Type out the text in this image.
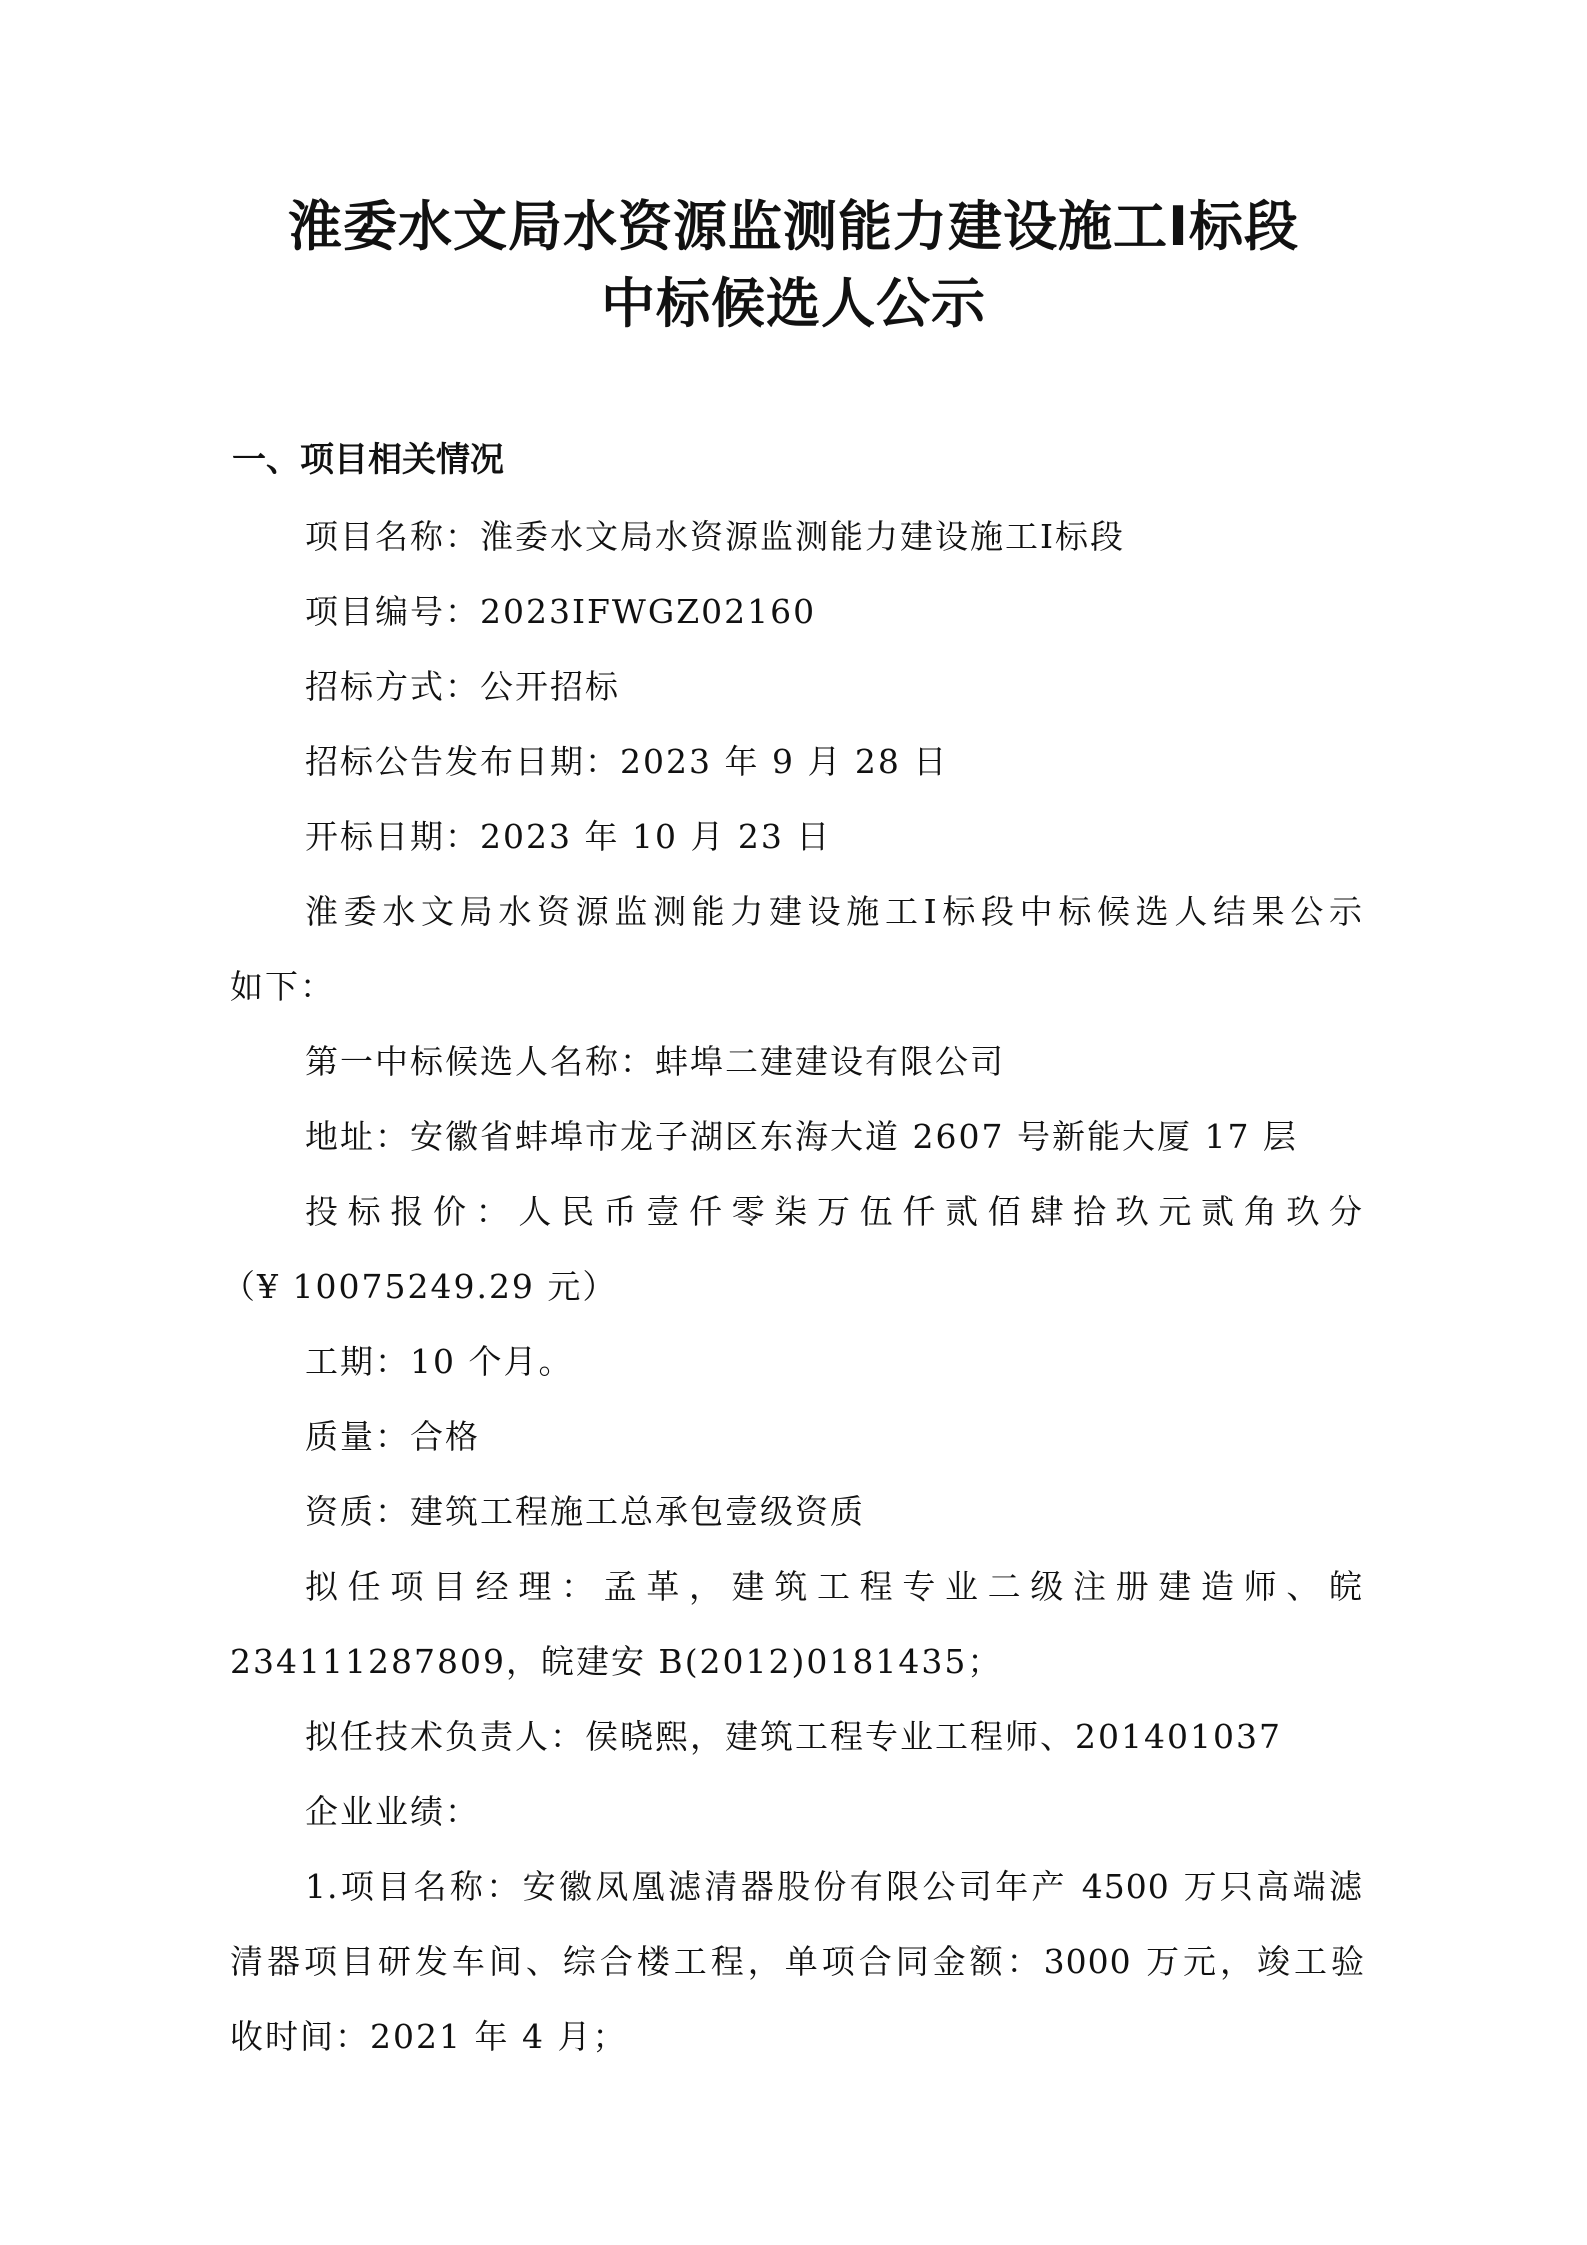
淮委水文局水资源监测能力建设施工Ⅰ标段
中标候选人公示
一、项目相关情况
项目名称：淮委水文局水资源监测能力建设施工Ⅰ标段
项目编号：2023IFWGZ02160
招标方式：公开招标
招标公告发布日期：2023 年 9 月 28 日
开标日期：2023 年 10 月 23 日
淮委水文局水资源监测能力建设施工Ⅰ标段中标候选人结果公示
如下：
第一中标候选人名称：蚌埠二建建设有限公司
地址：安徽省蚌埠市龙子湖区东海大道 2607 号新能大厦 17 层
投标报价：人民币壹仟零柒万伍仟贰佰肆拾玖元贰角玖分
（¥ 10075249.29 元）
工期：10 个月。
质量：合格
资质：建筑工程施工总承包壹级资质
拟任项目经理：孟革，建筑工程专业二级注册建造师、皖
234111287809，皖建安 B(2012)0181435；
拟任技术负责人：侯晓熙，建筑工程专业工程师、201401037
企业业绩：
1.项目名称：安徽凤凰滤清器股份有限公司年产 4500 万只高端滤
清器项目研发车间、综合楼工程，单项合同金额：3000 万元，竣工验
收时间：2021 年 4 月；
